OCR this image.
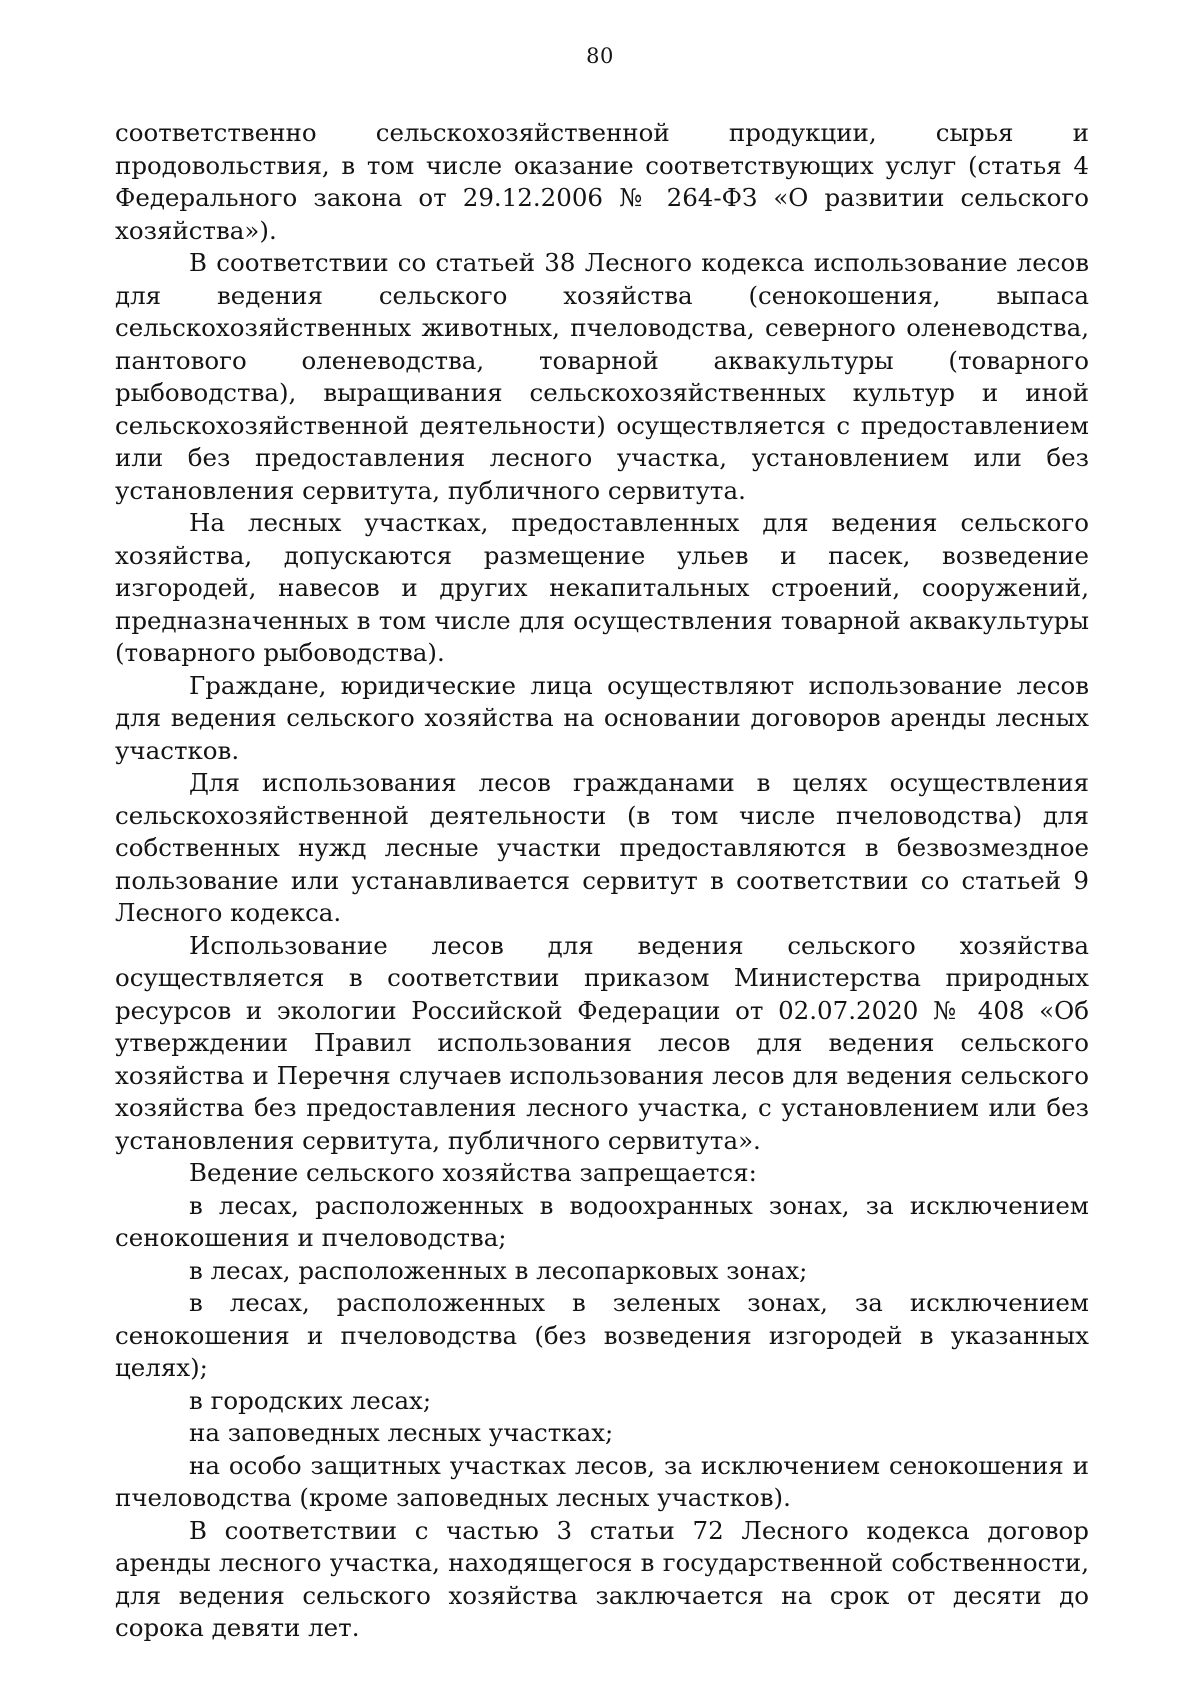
80

соответственно сельскохозяйственной продукции, сырья и продовольствия, в том числе оказание соответствующих услуг (статья 4 Федерального закона от 29.12.2006 № 264-ФЗ «О развитии сельского хозяйства»).

В соответствии со статьей 38 Лесного кодекса использование лесов для ведения сельского хозяйства (сенокошения, выпаса сельскохозяйственных животных, пчеловодства, северного оленеводства, пантового оленеводства, товарной аквакультуры (товарного рыбоводства), выращивания сельскохозяйственных культур и иной сельскохозяйственной деятельности) осуществляется с предоставлением или без предоставления лесного участка, установлением или без установления сервитута, публичного сервитута.

На лесных участках, предоставленных для ведения сельского хозяйства, допускаются размещение ульев и пасек, возведение изгородей, навесов и других некапитальных строений, сооружений, предназначенных в том числе для осуществления товарной аквакультуры (товарного рыбоводства).

Граждане, юридические лица осуществляют использование лесов для ведения сельского хозяйства на основании договоров аренды лесных участков.

Для использования лесов гражданами в целях осуществления сельскохозяйственной деятельности (в том числе пчеловодства) для собственных нужд лесные участки предоставляются в безвозмездное пользование или устанавливается сервитут в соответствии со статьей 9 Лесного кодекса.

Использование лесов для ведения сельского хозяйства осуществляется в соответствии приказом Министерства природных ресурсов и экологии Российской Федерации от 02.07.2020 № 408 «Об утверждении Правил использования лесов для ведения сельского хозяйства и Перечня случаев использования лесов для ведения сельского хозяйства без предоставления лесного участка, с установлением или без установления сервитута, публичного сервитута».

Ведение сельского хозяйства запрещается:

в лесах, расположенных в водоохранных зонах, за исключением сенокошения и пчеловодства;

в лесах, расположенных в лесопарковых зонах;

в лесах, расположенных в зеленых зонах, за исключением сенокошения и пчеловодства (без возведения изгородей в указанных целях);

в городских лесах;

на заповедных лесных участках;

на особо защитных участках лесов, за исключением сенокошения и пчеловодства (кроме заповедных лесных участков).

В соответствии с частью 3 статьи 72 Лесного кодекса договор аренды лесного участка, находящегося в государственной собственности, для ведения сельского хозяйства заключается на срок от десяти до сорока девяти лет.
